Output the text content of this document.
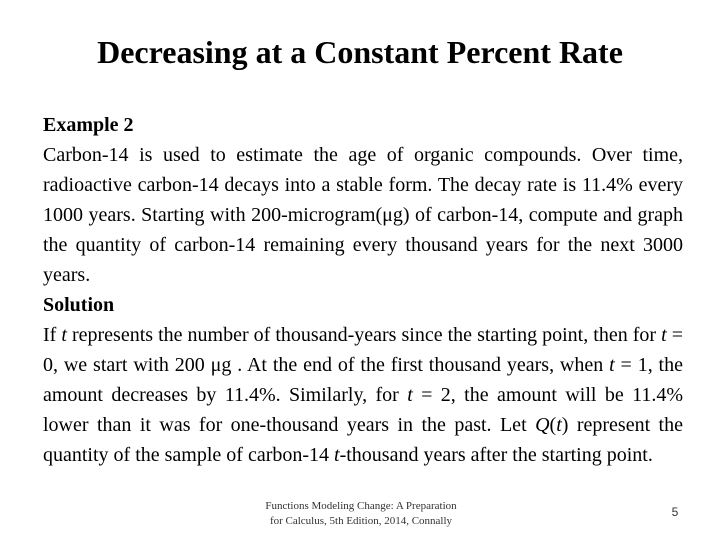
Decreasing at a Constant Percent Rate

Example 2

Carbon-14 is used to estimate the age of organic compounds. Over time, radioactive carbon-14 decays into a stable form. The decay rate is 11.4% every 1000 years. Starting with 200-microgram(μg) of carbon-14, compute and graph the quantity of carbon-14 remaining every thousand years for the next 3000 years.

Solution

If t represents the number of thousand-years since the starting point, then for t = 0, we start with 200 μg . At the end of the first thousand years, when t = 1, the amount decreases by 11.4%. Similarly, for t = 2, the amount will be 11.4% lower than it was for one-thousand years in the past. Let Q(t) represent the quantity of the sample of carbon-14 t-thousand years after the starting point.

Functions Modeling Change: A Preparation
for Calculus, 5th Edition, 2014, Connally
5
